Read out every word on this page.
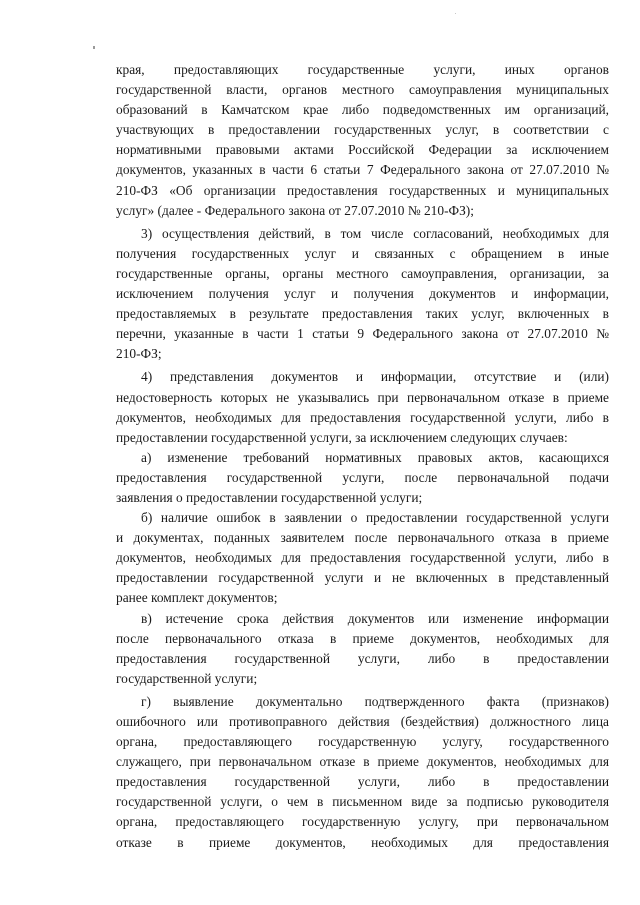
края, предоставляющих государственные услуги, иных органов
государственной власти, органов местного самоуправления муниципальных
образований в Камчатском крае либо подведомственных им организаций,
участвующих в предоставлении государственных услуг, в соответствии с
нормативными правовыми актами Российской Федерации за исключением
документов, указанных в части 6 статьи 7 Федерального закона от 27.07.2010 №
210-ФЗ «Об организации предоставления государственных и муниципальных
услуг» (далее - Федерального закона от 27.07.2010 № 210-ФЗ);
3) осуществления действий, в том числе согласований, необходимых для
получения государственных услуг и связанных с обращением в иные
государственные органы, органы местного самоуправления, организации, за
исключением получения услуг и получения документов и информации,
предоставляемых в результате предоставления таких услуг, включенных в
перечни, указанные в части 1 статьи 9 Федерального закона от 27.07.2010 №
210-ФЗ;
4) представления документов и информации, отсутствие и (или)
недостоверность которых не указывались при первоначальном отказе в приеме
документов, необходимых для предоставления государственной услуги, либо в
предоставлении государственной услуги, за исключением следующих случаев:
а) изменение требований нормативных правовых актов, касающихся
предоставления государственной услуги, после первоначальной подачи
заявления о предоставлении государственной услуги;
б) наличие ошибок в заявлении о предоставлении государственной услуги
и документах, поданных заявителем после первоначального отказа в приеме
документов, необходимых для предоставления государственной услуги, либо в
предоставлении государственной услуги и не включенных в представленный
ранее комплект документов;
в) истечение срока действия документов или изменение информации
после первоначального отказа в приеме документов, необходимых для
предоставления государственной услуги, либо в предоставлении
государственной услуги;
г) выявление документально подтвержденного факта (признаков)
ошибочного или противоправного действия (бездействия) должностного лица
органа, предоставляющего государственную услугу, государственного
служащего, при первоначальном отказе в приеме документов, необходимых для
предоставления государственной услуги, либо в предоставлении
государственной услуги, о чем в письменном виде за подписью руководителя
органа, предоставляющего государственную услугу, при первоначальном
отказе в приеме документов, необходимых для предоставления
